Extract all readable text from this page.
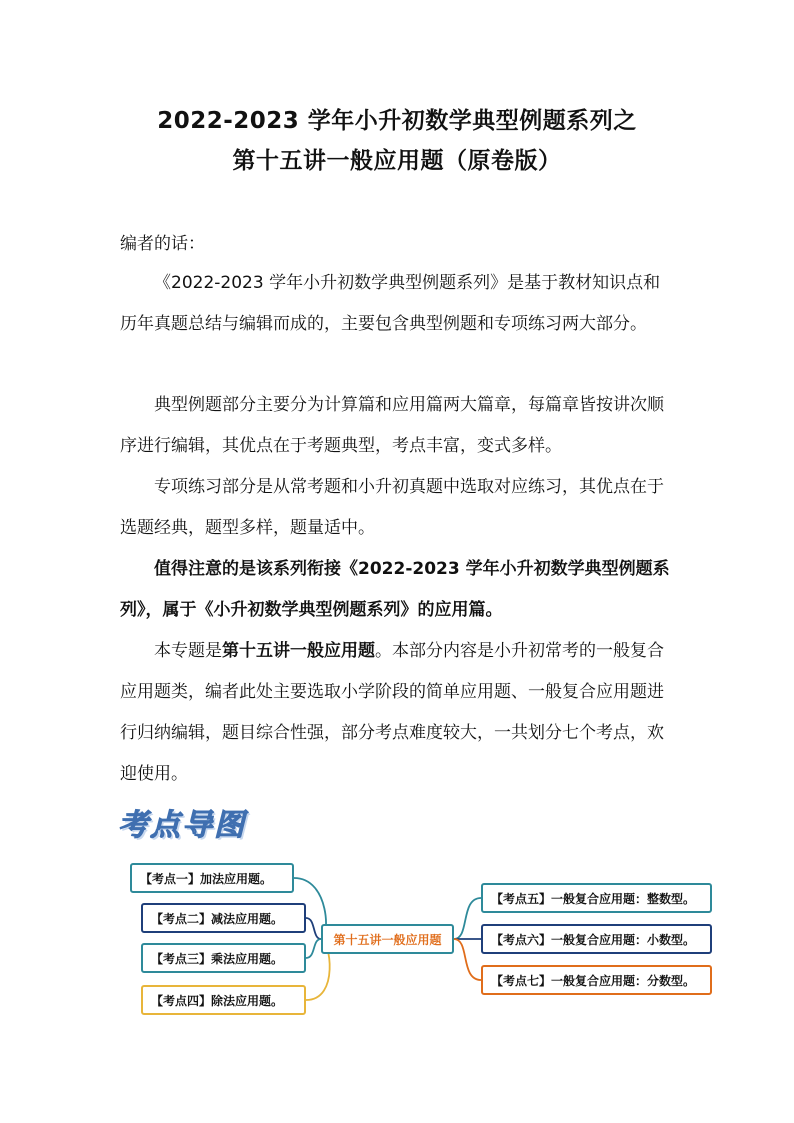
2022-2023 学年小升初数学典型例题系列之
第十五讲一般应用题（原卷版）
编者的话：

《2022-2023 学年小升初数学典型例题系列》是基于教材知识点和历年真题总结与编辑而成的，主要包含典型例题和专项练习两大部分。

典型例题部分主要分为计算篇和应用篇两大篇章，每篇章皆按讲次顺序进行编辑，其优点在于考题典型，考点丰富，变式多样。

专项练习部分是从常考题和小升初真题中选取对应练习，其优点在于选题经典，题型多样，题量适中。

值得注意的是该系列衔接《2022-2023 学年小升初数学典型例题系列》，属于《小升初数学典型例题系列》的应用篇。

本专题是第十五讲一般应用题。本部分内容是小升初常考的一般复合应用题类，编者此处主要选取小学阶段的简单应用题、一般复合应用题进行归纳编辑，题目综合性强，部分考点难度较大，一共划分七个考点，欢迎使用。

考点导图
【考点一】加法应用题。
【考点二】减法应用题。
【考点三】乘法应用题。
【考点四】除法应用题。
第十五讲一般应用题
【考点五】一般复合应用题：整数型。
【考点六】一般复合应用题：小数型。
【考点七】一般复合应用题：分数型。
